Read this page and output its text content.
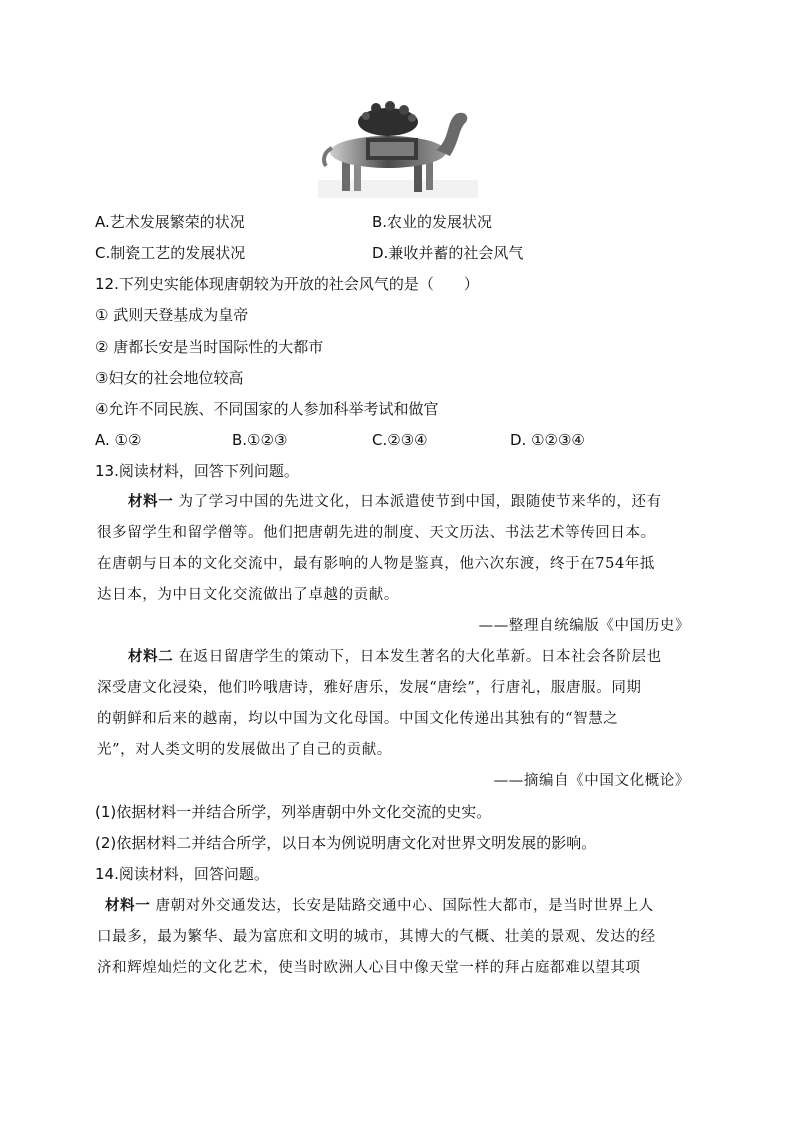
A.艺术发展繁荣的状况	B.农业的发展状况
C.制瓷工艺的发展状况	D.兼收并蓄的社会风气
12.下列史实能体现唐朝较为开放的社会风气的是（　　）
① 武则天登基成为皇帝
② 唐都长安是当时国际性的大都市
③妇女的社会地位较高
④允许不同民族、不同国家的人参加科举考试和做官
A. ①②	B.①②③	C.②③④	D. ①②③④
13.阅读材料，回答下列问题。
材料一 为了学习中国的先进文化，日本派遣使节到中国，跟随使节来华的，还有
很多留学生和留学僧等。他们把唐朝先进的制度、天文历法、书法艺术等传回日本。
在唐朝与日本的文化交流中，最有影响的人物是鉴真，他六次东渡，终于在754年抵
达日本，为中日文化交流做出了卓越的贡献。
——整理自统编版《中国历史》
材料二 在返日留唐学生的策动下，日本发生著名的大化革新。日本社会各阶层也
深受唐文化浸染，他们吟哦唐诗，雅好唐乐，发展“唐绘”，行唐礼，服唐服。同期
的朝鲜和后来的越南，均以中国为文化母国。中国文化传递出其独有的“智慧之
光”，对人类文明的发展做出了自己的贡献。
——摘编自《中国文化概论》
(1)依据材料一并结合所学，列举唐朝中外文化交流的史实。
(2)依据材料二并结合所学，以日本为例说明唐文化对世界文明发展的影响。
14.阅读材料，回答问题。
材料一 唐朝对外交通发达，长安是陆路交通中心、国际性大都市，是当时世界上人
口最多，最为繁华、最为富庶和文明的城市，其博大的气概、壮美的景观、发达的经
济和辉煌灿烂的文化艺术，使当时欧洲人心目中像天堂一样的拜占庭都难以望其项
